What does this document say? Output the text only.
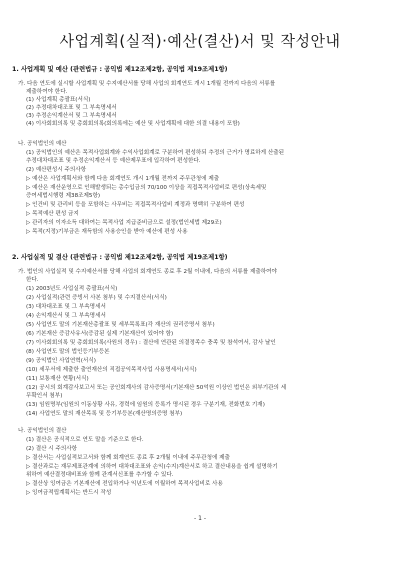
사업계획(실적)·예산(결산)서 및 작성안내
1. 사업계획 및 예산 (관련법규 : 공익법 제12조제2항, 공익법 제19조제1항)
가. 다음 연도에 실시할 사업계획 및 수지예산서를 당해 사업의 회계연도 개시 1개월 전까지 다음의 서류를
제출하여야 한다.
(1) 사업계획 총괄표(서식)
(2) 추정대차대조표 및 그 부속명세서
(3) 추정손익계산서 및 그 부속명세서
(4) 이사회회의록 및 총회회의록(회의록에는 예산 및 사업계획에 대한 의결 내용이 포함)
나. 공익법인의 예산
(1) 공익법인의 예산은 목적사업회계와 수익사업회계로 구분하여 편성하되 추정의 근거가 명료하게 산출된
추정대차대조표 및 추정손익계산서 등 예산제무표에 입각하여 편성한다.
(2) 예산편성시 주의사항
▷ 예산은 사업계획서와 함께 다음 회계연도 개시 1개월 전까지 주무관청에 제출
▷ 예산은 재산운영으로 인해발생되는 총수입금의 70/100 이상을 직접목적사업비로 편성(상속세및
증여세법시행령 제38조제5항)
▷ 인건비 및 관리비 등을 포함하는 사무비는 직접목적사업비 계정과 명백히 구분하여 편성
▷ 목적예산 편성 금지
▷ 관리자의 이자소득 대하여는 목적사업 지급준비금으로 설정(법인세법 제29조)
▷ 목적(지정)기부금은 재득함의 사용승인을 받아 예산에 편성 사용
2. 사업실적 및 결산 (관련법규 : 공익법 제12조제2항, 공익법 제19조제1항)
가. 법인의 사업실적 및 수지예산서를 당해 사업의 회계연도 종료 후 2월 이내에, 다음의 서류를 제출하여야
한다.
(1) 2003년도 사업실적 총괄표(서식)
(2) 사업실적(관련 증빙서 사본 첨부) 및 수지결산서(서식)
(3) 대차대조표 및 그 부속명세서
(4) 손익계산서 및 그 부속명세서
(5) 사업연도 말의 기본재산총괄표 및 세부목록표(각 재산의 권리증명서 첨부)
(6) 기본재산 증감사유서(증감된 실제 기본재산이 있어야 함)
(7) 이사회회의록 및 총회회의록(사원의 경우) : 결산에 연관된 의결정족수 충족 및 참석여서, 감사 날인
(8) 사업연도 말의 법인등기부등본
(9) 공익법인 사업연혁(서식)
(10) 세무서에 제출한 출연재산의 직접공익목적사업 사용명세서(서식)
(11) 보통재산 현황(서식)
(12) 공시의 회계감사보고서 또는 공인회계사의 감사증명서(기본재산 50억원 이상인 법인은 외부기관의 세
무확인서 첨부)
(13) 임원명부(임원의 이동상황 사유, 경력에 임원의 등록가 명시된 경우 구분기재, 전화번호 기재)
(14) 사업연도 말의 재산목록 및 등기부등본(재산명의증명 첨부)
나. 공익법인의 결산
(1) 결산은 공식적으로 연도 말을 기준으로 한다.
(2) 결산 시 주의사항
▷ 결산서는 사업실적보고서와 함께 회계연도 종료 후 2개월 이내에 주무관청에 제출
▷ 결산과로는 재무제표관계에 의하여 대차대조표와 손익(수지)계산서로 하고 결산내용을 쉽게 설명하기
위하여 예산결정대비표와 함께 관계서신표를 추가할 수 있다.
▷ 결산상 잉여금은 기본재산에 전입하거나 익년도에 이월하여 목적사업비로 사용
▷ 잉여금적립계획서는 반드시 작성
- 1 -
